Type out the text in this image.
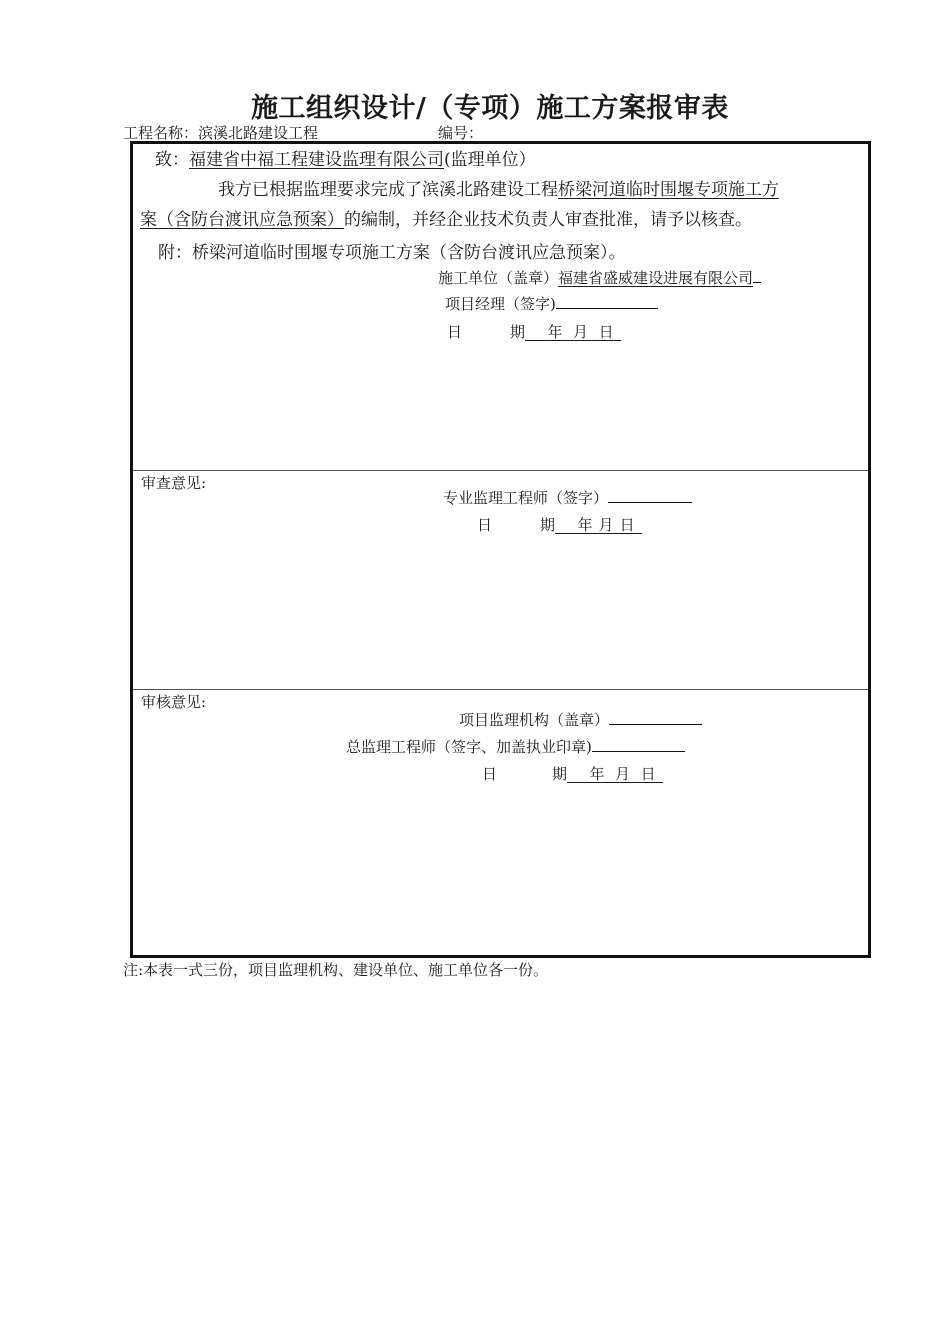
施工组织设计/（专项）施工方案报审表
工程名称：滨溪北路建设工程	编号：
致：福建省中福工程建设监理有限公司(监理单位）
我方已根据监理要求完成了滨溪北路建设工程桥梁河道临时围堰专项施工方
案（含防台渡讯应急预案）的编制，并经企业技术负责人审查批准，请予以核查。
附：桥梁河道临时围堰专项施工方案（含防台渡讯应急预案）。
施工单位（盖章）福建省盛威建设进展有限公司
项目经理（签字)
日	期   年   月   日 
审查意见:
专业监理工程师（签字）
日	期   年   月   日 
审核意见:
项目监理机构（盖章）
总监理工程师（签字、加盖执业印章)
日	期   年   月   日 
注:本表一式三份，项目监理机构、建设单位、施工单位各一份。
